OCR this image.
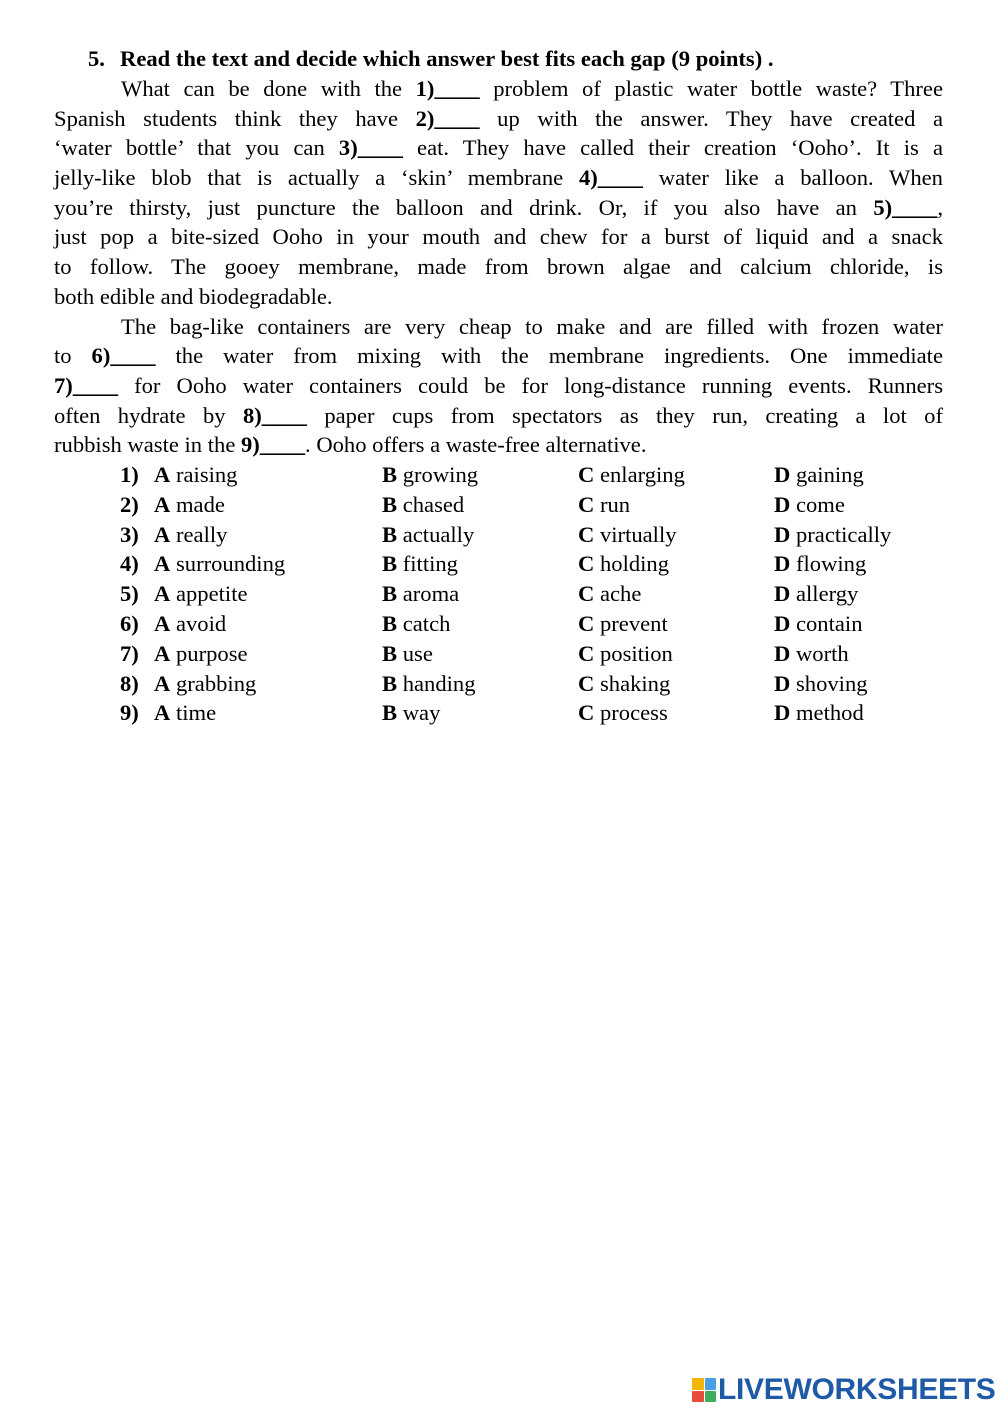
5. Read the text and decide which answer best fits each gap (9 points) .
What can be done with the 1)____ problem of plastic water bottle waste? Three
Spanish students think they have 2)____ up with the answer. They have created a
‘water bottle’ that you can 3)____ eat. They have called their creation ‘Ooho’. It is a
jelly-like blob that is actually a ‘skin’ membrane 4)____ water like a balloon. When
you’re thirsty, just puncture the balloon and drink. Or, if you also have an 5)____,
just pop a bite-sized Ooho in your mouth and chew for a burst of liquid and a snack
to follow. The gooey membrane, made from brown algae and calcium chloride, is
both edible and biodegradable.
The bag-like containers are very cheap to make and are filled with frozen water
to 6)____ the water from mixing with the membrane ingredients. One immediate
7)____ for Ooho water containers could be for long-distance running events. Runners
often hydrate by 8)____ paper cups from spectators as they run, creating a lot of
rubbish waste in the 9)____. Ooho offers a waste-free alternative.
1) A raising	B growing	C enlarging	D gaining
2) A made	B chased	C run	D come
3) A really	B actually	C virtually	D practically
4) A surrounding	B fitting	C holding	D flowing
5) A appetite	B aroma	C ache	D allergy
6) A avoid	B catch	C prevent	D contain
7) A purpose	B use	C position	D worth
8) A grabbing	B handing	C shaking	D shoving
9) A time	B way	C process	D method
LIVEWORKSHEETS
